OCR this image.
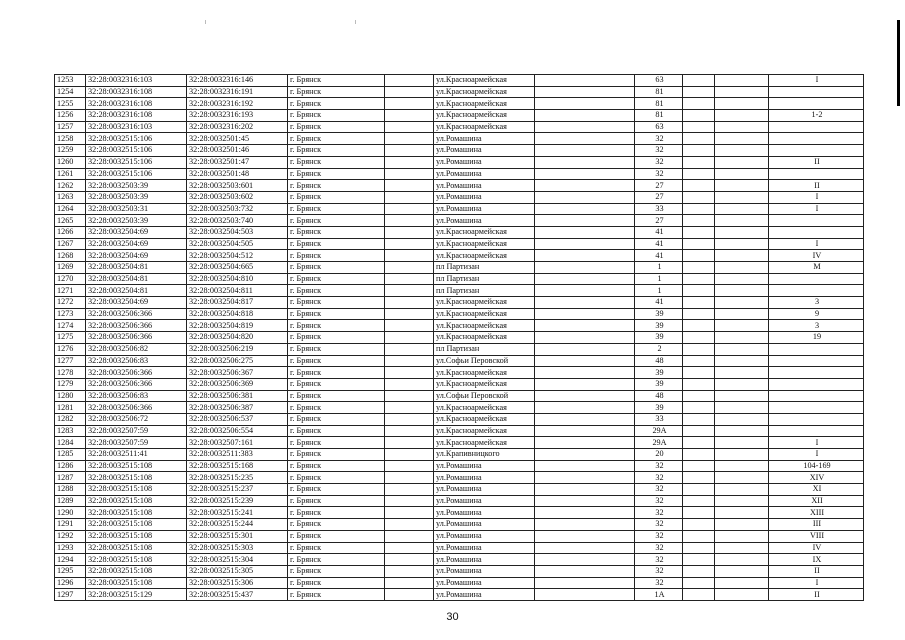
1253	32:28:0032316:103	32:28:0032316:146	г. Брянск		ул.Красноармейская		63			I
1254	32:28:0032316:108	32:28:0032316:191	г. Брянск		ул.Красноармейская		81			
1255	32:28:0032316:108	32:28:0032316:192	г. Брянск		ул.Красноармейская		81			
1256	32:28:0032316:108	32:28:0032316:193	г. Брянск		ул.Красноармейская		81			1-2
1257	32:28:0032316:103	32:28:0032316:202	г. Брянск		ул.Красноармейская		63			
1258	32:28:0032515:106	32:28:0032501:45	г. Брянск		ул.Ромашина		32			
1259	32:28:0032515:106	32:28:0032501:46	г. Брянск		ул.Ромашина		32			
1260	32:28:0032515:106	32:28:0032501:47	г. Брянск		ул.Ромашина		32			II
1261	32:28:0032515:106	32:28:0032501:48	г. Брянск		ул.Ромашина		32			
1262	32:28:0032503:39	32:28:0032503:601	г. Брянск		ул.Ромашина		27			II
1263	32:28:0032503:39	32:28:0032503:602	г. Брянск		ул.Ромашина		27			I
1264	32:28:0032503:31	32:28:0032503:732	г. Брянск		ул.Ромашина		33			I
1265	32:28:0032503:39	32:28:0032503:740	г. Брянск		ул.Ромашина		27			
1266	32:28:0032504:69	32:28:0032504:503	г. Брянск		ул.Красноармейская		41			
1267	32:28:0032504:69	32:28:0032504:505	г. Брянск		ул.Красноармейская		41			I
1268	32:28:0032504:69	32:28:0032504:512	г. Брянск		ул.Красноармейская		41			IV
1269	32:28:0032504:81	32:28:0032504:665	г. Брянск		пл Партизан		1			М
1270	32:28:0032504:81	32:28:0032504:810	г. Брянск		пл Партизан		1			
1271	32:28:0032504:81	32:28:0032504:811	г. Брянск		пл Партизан		1			
1272	32:28:0032504:69	32:28:0032504:817	г. Брянск		ул.Красноармейская		41			3
1273	32:28:0032506:366	32:28:0032504:818	г. Брянск		ул.Красноармейская		39			9
1274	32:28:0032506:366	32:28:0032504:819	г. Брянск		ул.Красноармейская		39			3
1275	32:28:0032506:366	32:28:0032504:820	г. Брянск		ул.Красноармейская		39			19
1276	32:28:0032506:82	32:28:0032506:219	г. Брянск		пл Партизан		2			
1277	32:28:0032506:83	32:28:0032506:275	г. Брянск		ул.Софьи Перовской		48			
1278	32:28:0032506:366	32:28:0032506:367	г. Брянск		ул.Красноармейская		39			
1279	32:28:0032506:366	32:28:0032506:369	г. Брянск		ул.Красноармейская		39			
1280	32:28:0032506:83	32:28:0032506:381	г. Брянск		ул.Софьи Перовской		48			
1281	32:28:0032506:366	32:28:0032506:387	г. Брянск		ул.Красноармейская		39			
1282	32:28:0032506:72	32:28:0032506:537	г. Брянск		ул.Красноармейская		33			
1283	32:28:0032507:59	32:28:0032506:554	г. Брянск		ул.Красноармейская		29А			
1284	32:28:0032507:59	32:28:0032507:161	г. Брянск		ул.Красноармейская		29А			I
1285	32:28:0032511:41	32:28:0032511:383	г. Брянск		ул.Крапивницкого		20			I
1286	32:28:0032515:108	32:28:0032515:168	г. Брянск		ул.Ромашина		32			104-169
1287	32:28:0032515:108	32:28:0032515:235	г. Брянск		ул.Ромашина		32			XIV
1288	32:28:0032515:108	32:28:0032515:237	г. Брянск		ул.Ромашина		32			XI
1289	32:28:0032515:108	32:28:0032515:239	г. Брянск		ул.Ромашина		32			XII
1290	32:28:0032515:108	32:28:0032515:241	г. Брянск		ул.Ромашина		32			XIII
1291	32:28:0032515:108	32:28:0032515:244	г. Брянск		ул.Ромашина		32			III
1292	32:28:0032515:108	32:28:0032515:301	г. Брянск		ул.Ромашина		32			VIII
1293	32:28:0032515:108	32:28:0032515:303	г. Брянск		ул.Ромашина		32			IV
1294	32:28:0032515:108	32:28:0032515:304	г. Брянск		ул.Ромашина		32			IX
1295	32:28:0032515:108	32:28:0032515:305	г. Брянск		ул.Ромашина		32			II
1296	32:28:0032515:108	32:28:0032515:306	г. Брянск		ул.Ромашина		32			I
1297	32:28:0032515:129	32:28:0032515:437	г. Брянск		ул.Ромашина		1А			II
30
